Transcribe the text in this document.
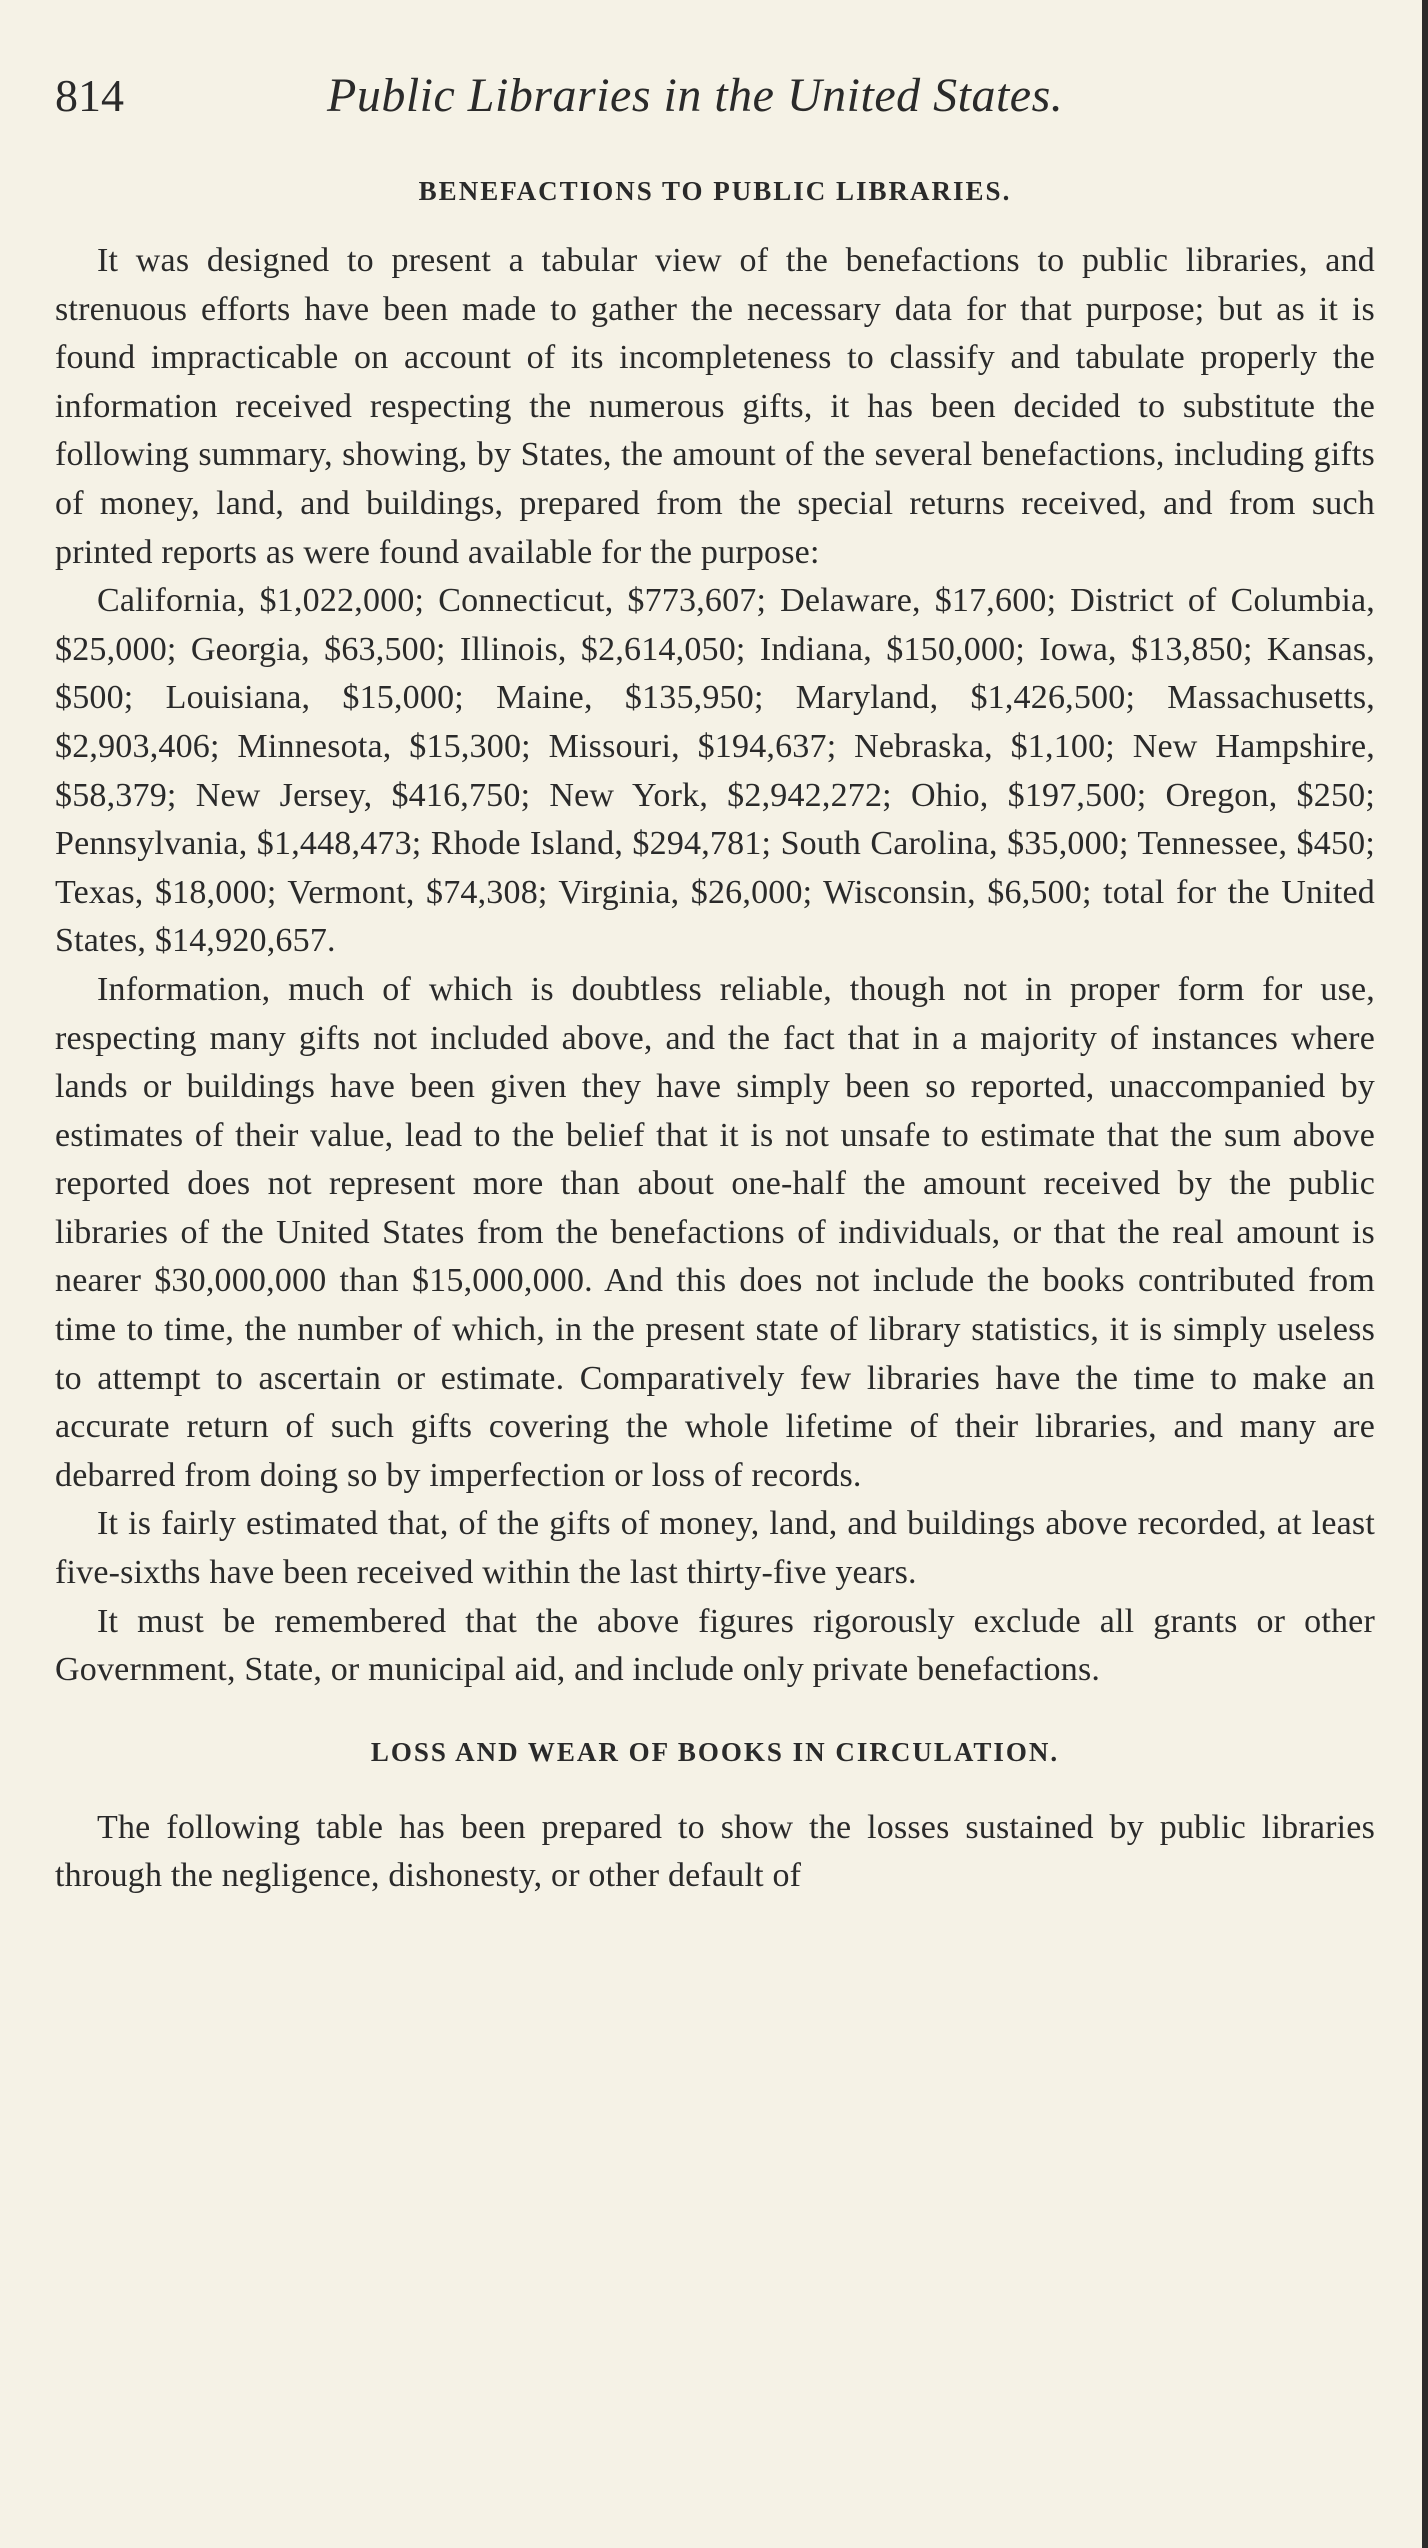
814	Public Libraries in the United States.
BENEFACTIONS TO PUBLIC LIBRARIES.

It was designed to present a tabular view of the benefactions to public libraries, and strenuous efforts have been made to gather the necessary data for that purpose; but as it is found impracticable on account of its incompleteness to classify and tabulate properly the information received respecting the numerous gifts, it has been decided to substitute the following summary, showing, by States, the amount of the several benefactions, including gifts of money, land, and buildings, prepared from the special returns received, and from such printed reports as were found available for the purpose:

California, $1,022,000; Connecticut, $773,607; Delaware, $17,600; District of Columbia, $25,000; Georgia, $63,500; Illinois, $2,614,050; Indiana, $150,000; Iowa, $13,850; Kansas, $500; Louisiana, $15,000; Maine, $135,950; Maryland, $1,426,500; Massachusetts, $2,903,406; Minnesota, $15,300; Missouri, $194,637; Nebraska, $1,100; New Hampshire, $58,379; New Jersey, $416,750; New York, $2,942,272; Ohio, $197,500; Oregon, $250; Pennsylvania, $1,448,473; Rhode Island, $294,781; South Carolina, $35,000; Tennessee, $450; Texas, $18,000; Vermont, $74,308; Virginia, $26,000; Wisconsin, $6,500; total for the United States, $14,920,657.

Information, much of which is doubtless reliable, though not in proper form for use, respecting many gifts not included above, and the fact that in a majority of instances where lands or buildings have been given they have simply been so reported, unaccompanied by estimates of their value, lead to the belief that it is not unsafe to estimate that the sum above reported does not represent more than about one-half the amount received by the public libraries of the United States from the benefactions of individuals, or that the real amount is nearer $30,000,000 than $15,000,000. And this does not include the books contributed from time to time, the number of which, in the present state of library statistics, it is simply useless to attempt to ascertain or estimate. Comparatively few libraries have the time to make an accurate return of such gifts covering the whole lifetime of their libraries, and many are debarred from doing so by imperfection or loss of records.

It is fairly estimated that, of the gifts of money, land, and buildings above recorded, at least five-sixths have been received within the last thirty-five years.

It must be remembered that the above figures rigorously exclude all grants or other Government, State, or municipal aid, and include only private benefactions.

LOSS AND WEAR OF BOOKS IN CIRCULATION.

The following table has been prepared to show the losses sustained by public libraries through the negligence, dishonesty, or other default of
